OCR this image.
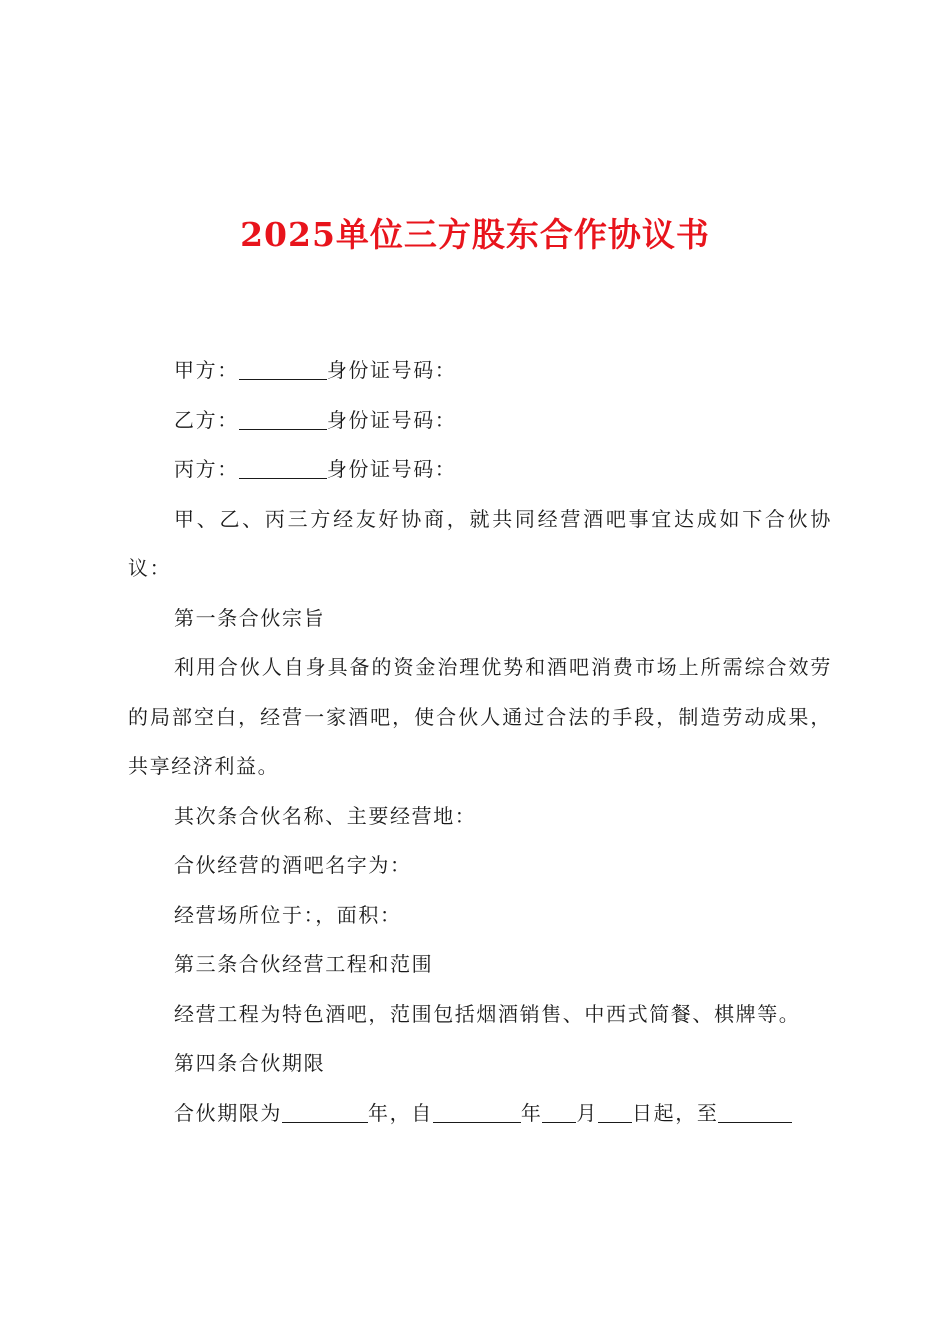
2025单位三方股东合作协议书

甲方：	身份证号码：

乙方：	身份证号码：

丙方：	身份证号码：

甲、乙、丙三方经友好协商，就共同经营酒吧事宜达成如下合伙协议：

第一条合伙宗旨

利用合伙人自身具备的资金治理优势和酒吧消费市场上所需综合效劳的局部空白，经营一家酒吧，使合伙人通过合法的手段，制造劳动成果，共享经济利益。

其次条合伙名称、主要经营地：

合伙经营的酒吧名字为：

经营场所位于：，面积：

第三条合伙经营工程和范围

经营工程为特色酒吧，范围包括烟酒销售、中西式简餐、棋牌等。

第四条合伙期限

合伙期限为	年，自	年 月 日起，至
